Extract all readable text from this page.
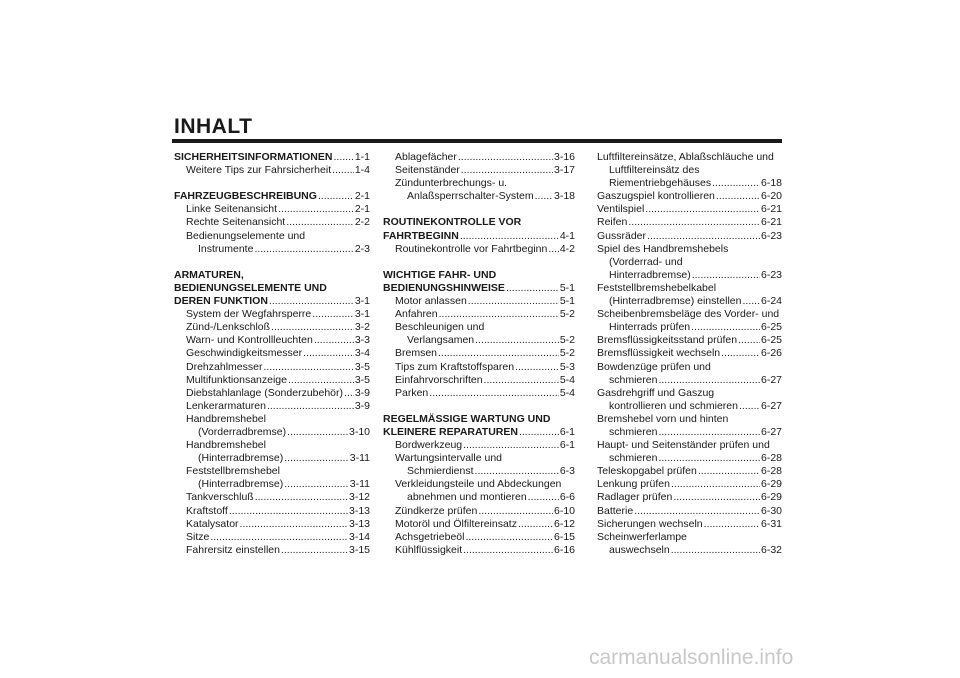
INHALT
SICHERHEITSINFORMATIONEN ..... 1-1
Weitere Tips zur Fahrsicherheit ..... 1-4
FAHRZEUGBESCHREIBUNG .....	2-1
Linke Seitenansicht .....	2-1
Rechte Seitenansicht .....	2-2
Bedienungselemente und
Instrumente .....	2-3
ARMATUREN,
BEDIENUNGSELEMENTE UND
DEREN FUNKTION .....	3-1
System der Wegfahrsperre .....	3-1
Zünd-/Lenkschloß .....	3-2
Warn- und Kontrollleuchten .....	3-3
Geschwindigkeitsmesser .....	3-4
Drehzahlmesser .....	3-5
Multifunktionsanzeige .....	3-5
Diebstahlanlage (Sonderzubehör) ..... 3-9
Lenkerarmaturen .....	3-9
Handbremshebel
(Vorderradbremse) .....	3-10
Handbremshebel
(Hinterradbremse) .....	3-11
Feststellbremshebel
(Hinterradbremse) .....	3-11
Tankverschluß .....	3-12
Kraftstoff .....	3-13
Katalysator .....	3-13
Sitze .....	3-14
Fahrersitz einstellen .....	3-15
Ablagefächer .....	3-16
Seitenständer .....	3-17
Zündunterbrechungs- u.
Anlaßsperrschalter-System ..... 3-18
ROUTINEKONTROLLE VOR
FAHRTBEGINN .....	4-1
Routinekontrolle vor Fahrtbeginn ..... 4-2
WICHTIGE FAHR- UND
BEDIENUNGSHINWEISE .....	5-1
Motor anlassen .....	5-1
Anfahren .....	5-2
Beschleunigen und
Verlangsamen .....	5-2
Bremsen .....	5-2
Tips zum Kraftstoffsparen .....	5-3
Einfahrvorschriften .....	5-4
Parken .....	5-4
REGELMÄSSIGE WARTUNG UND
KLEINERE REPARATUREN .....	6-1
Bordwerkzeug .....	6-1
Wartungsintervalle und
Schmierdienst .....	6-3
Verkleidungsteile und Abdeckungen
abnehmen und montieren .....	6-6
Zündkerze prüfen .....	6-10
Motoröl und Ölfiltereinsatz .....	6-12
Achsgetriebeöl .....	6-15
Kühlflüssigkeit .....	6-16
Luftfiltereinsätze, Ablaßschläuche und
Luftfiltereinsätz des
Riementriebgehäuses .....	6-18
Gaszugspiel kontrollieren .....	6-20
Ventilspiel .....	6-21
Reifen .....	6-21
Gussräder .....	6-23
Spiel des Handbremshebels
(Vorderrad- und
Hinterradbremse) .....	6-23
Feststellbremshebelkabel
(Hinterradbremse) einstellen ..... 6-24
Scheibenbremsbeläge des Vorder- und
Hinterrads prüfen .....	6-25
Bremsflüssigkeitsstand prüfen ..... 6-25
Bremsflüssigkeit wechseln .....	6-26
Bowdenzüge prüfen und
schmieren .....	6-27
Gasdrehgriff und Gaszug
kontrollieren und schmieren ..... 6-27
Bremshebel vorn und hinten
schmieren .....	6-27
Haupt- und Seitenständer prüfen und
schmieren .....	6-28
Teleskopgabel prüfen .....	6-28
Lenkung prüfen .....	6-29
Radlager prüfen .....	6-29
Batterie .....	6-30
Sicherungen wechseln .....	6-31
Scheinwerferlampe
auswechseln .....	6-32
carmanualsonline.info
